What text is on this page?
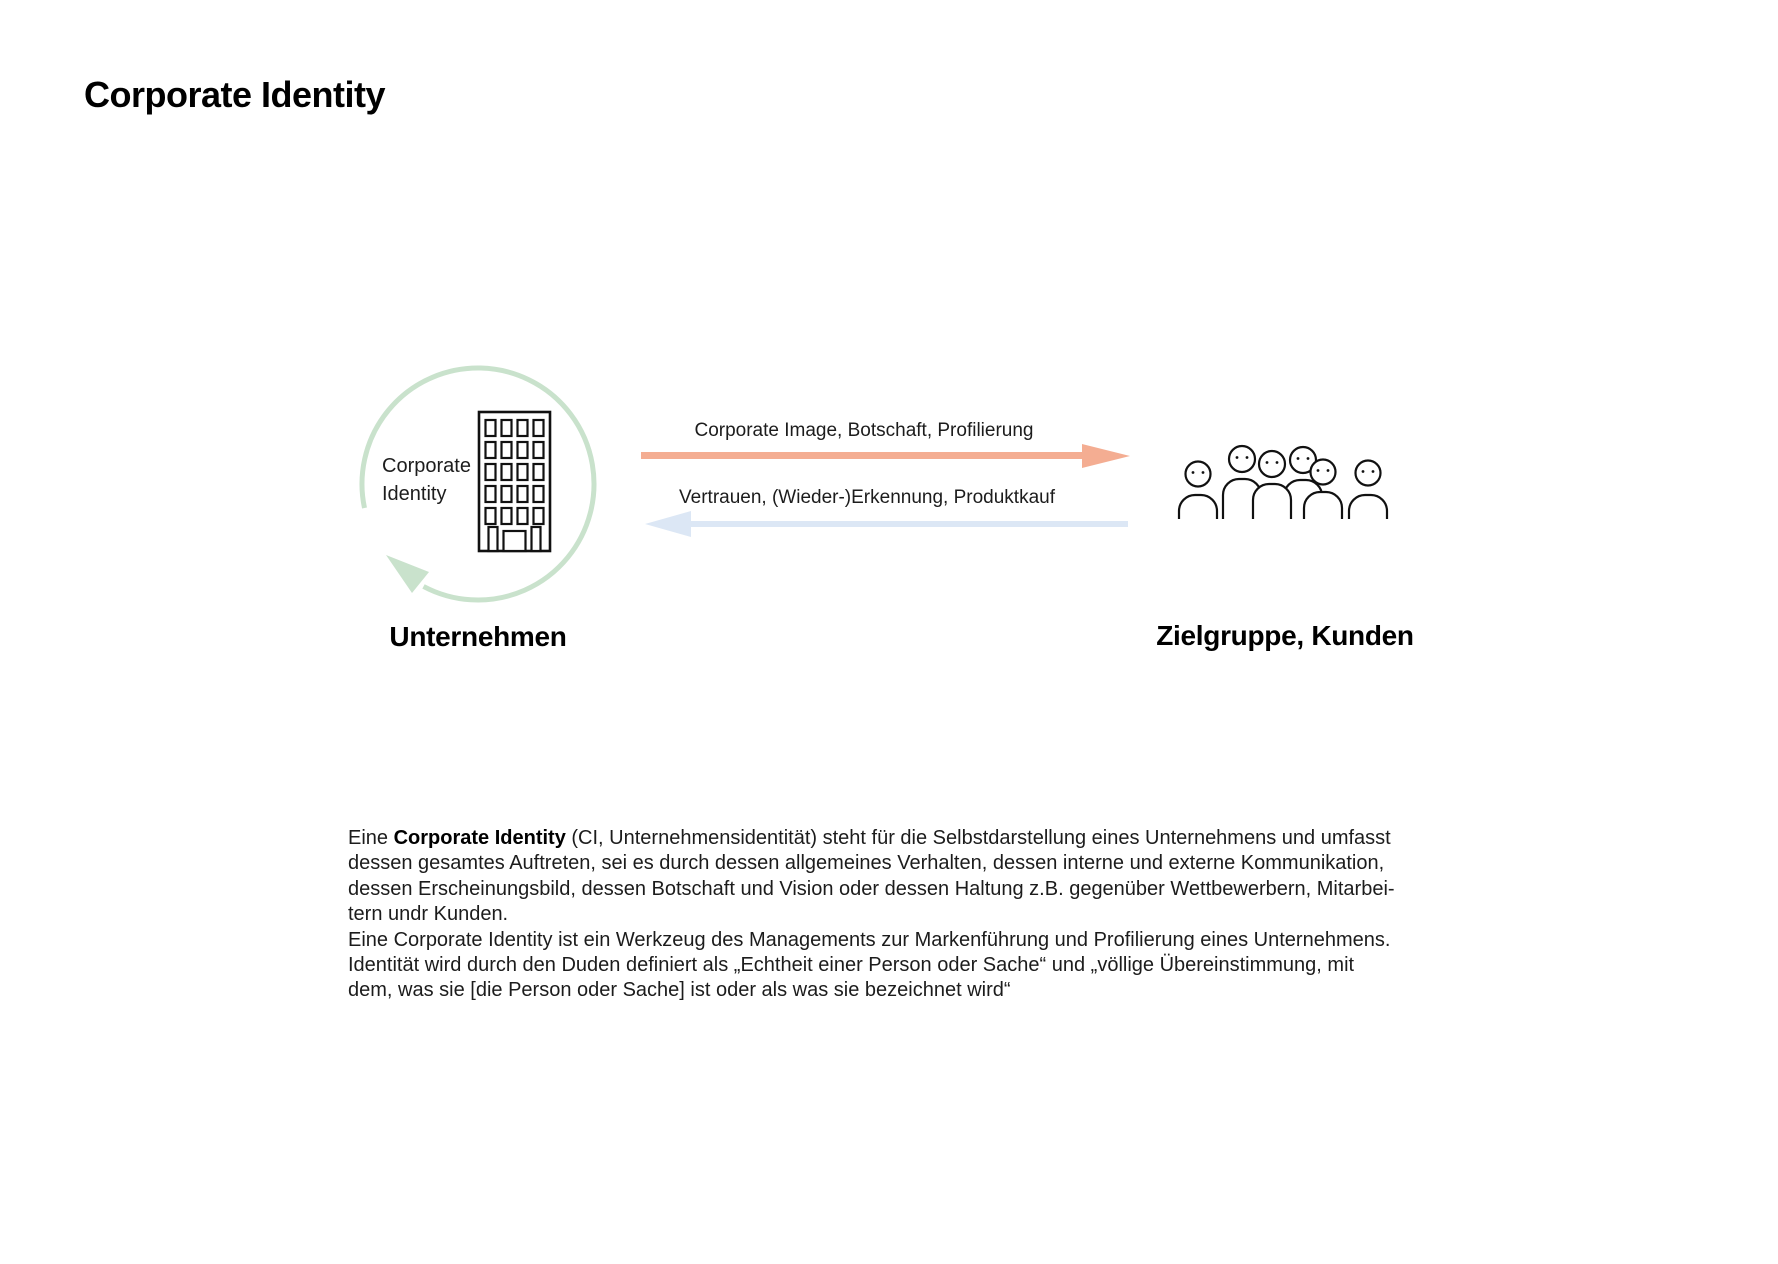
Corporate Identity
Corporate
Identity
Unternehmen
Corporate Image, Botschaft, Profilierung
Vertrauen, (Wieder-)Erkennung, Produktkauf
Zielgruppe, Kunden
Eine Corporate Identity (CI, Unternehmensidentität) steht für die Selbstdarstellung eines Unternehmens und umfasst
dessen gesamtes Auftreten, sei es durch dessen allgemeines Verhalten, dessen interne und externe Kommunikation,
dessen Erscheinungsbild, dessen Botschaft und Vision oder dessen Haltung z.B. gegenüber Wettbewerbern, Mitarbei-
tern undr Kunden.
Eine Corporate Identity ist ein Werkzeug des Managements zur Markenführung und Profilierung eines Unternehmens.
Identität wird durch den Duden definiert als „Echtheit einer Person oder Sache“ und „völlige Übereinstimmung, mit
dem, was sie [die Person oder Sache] ist oder als was sie bezeichnet wird“
